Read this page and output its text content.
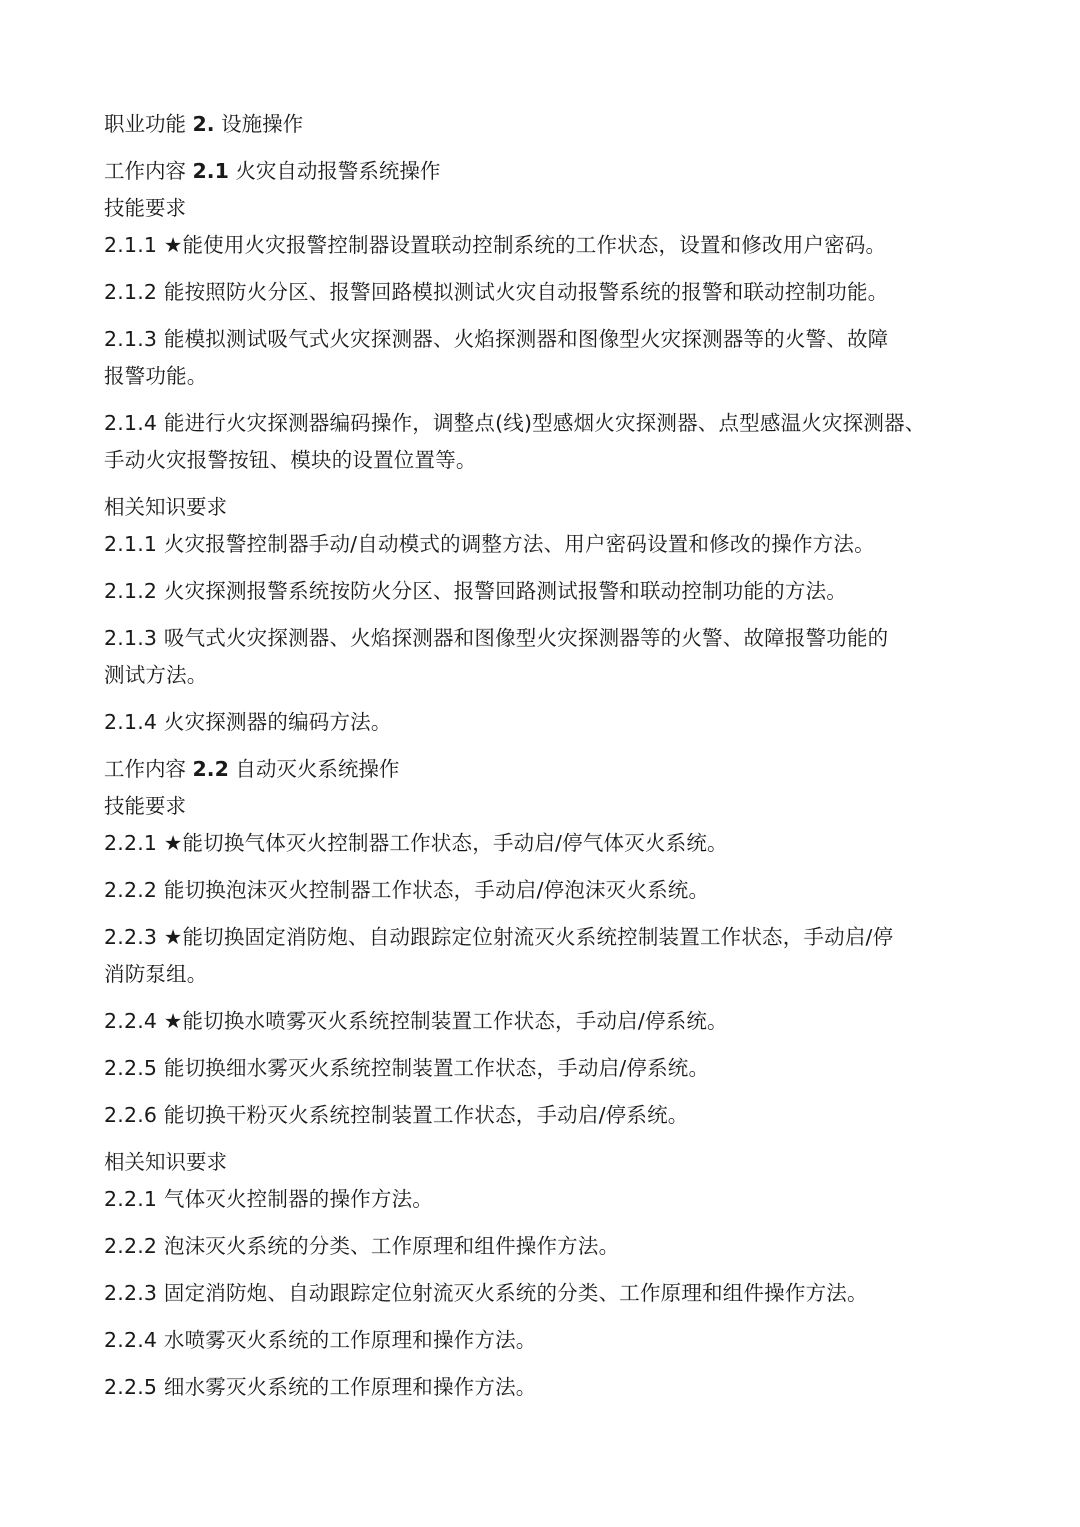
职业功能 2. 设施操作
工作内容 2.1 火灾自动报警系统操作
技能要求
2.1.1 ★能使用火灾报警控制器设置联动控制系统的工作状态，设置和修改用户密码。
2.1.2 能按照防火分区、报警回路模拟测试火灾自动报警系统的报警和联动控制功能。
2.1.3 能模拟测试吸气式火灾探测器、火焰探测器和图像型火灾探测器等的火警、故障
报警功能。
2.1.4 能进行火灾探测器编码操作，调整点(线)型感烟火灾探测器、点型感温火灾探测器、
手动火灾报警按钮、模块的设置位置等。
相关知识要求
2.1.1 火灾报警控制器手动/自动模式的调整方法、用户密码设置和修改的操作方法。
2.1.2 火灾探测报警系统按防火分区、报警回路测试报警和联动控制功能的方法。
2.1.3 吸气式火灾探测器、火焰探测器和图像型火灾探测器等的火警、故障报警功能的
测试方法。
2.1.4 火灾探测器的编码方法。
工作内容 2.2 自动灭火系统操作
技能要求
2.2.1 ★能切换气体灭火控制器工作状态，手动启/停气体灭火系统。
2.2.2 能切换泡沫灭火控制器工作状态，手动启/停泡沫灭火系统。
2.2.3 ★能切换固定消防炮、自动跟踪定位射流灭火系统控制装置工作状态，手动启/停
消防泵组。
2.2.4 ★能切换水喷雾灭火系统控制装置工作状态，手动启/停系统。
2.2.5 能切换细水雾灭火系统控制装置工作状态，手动启/停系统。
2.2.6 能切换干粉灭火系统控制装置工作状态，手动启/停系统。
相关知识要求
2.2.1 气体灭火控制器的操作方法。
2.2.2 泡沫灭火系统的分类、工作原理和组件操作方法。
2.2.3 固定消防炮、自动跟踪定位射流灭火系统的分类、工作原理和组件操作方法。
2.2.4 水喷雾灭火系统的工作原理和操作方法。
2.2.5 细水雾灭火系统的工作原理和操作方法。
